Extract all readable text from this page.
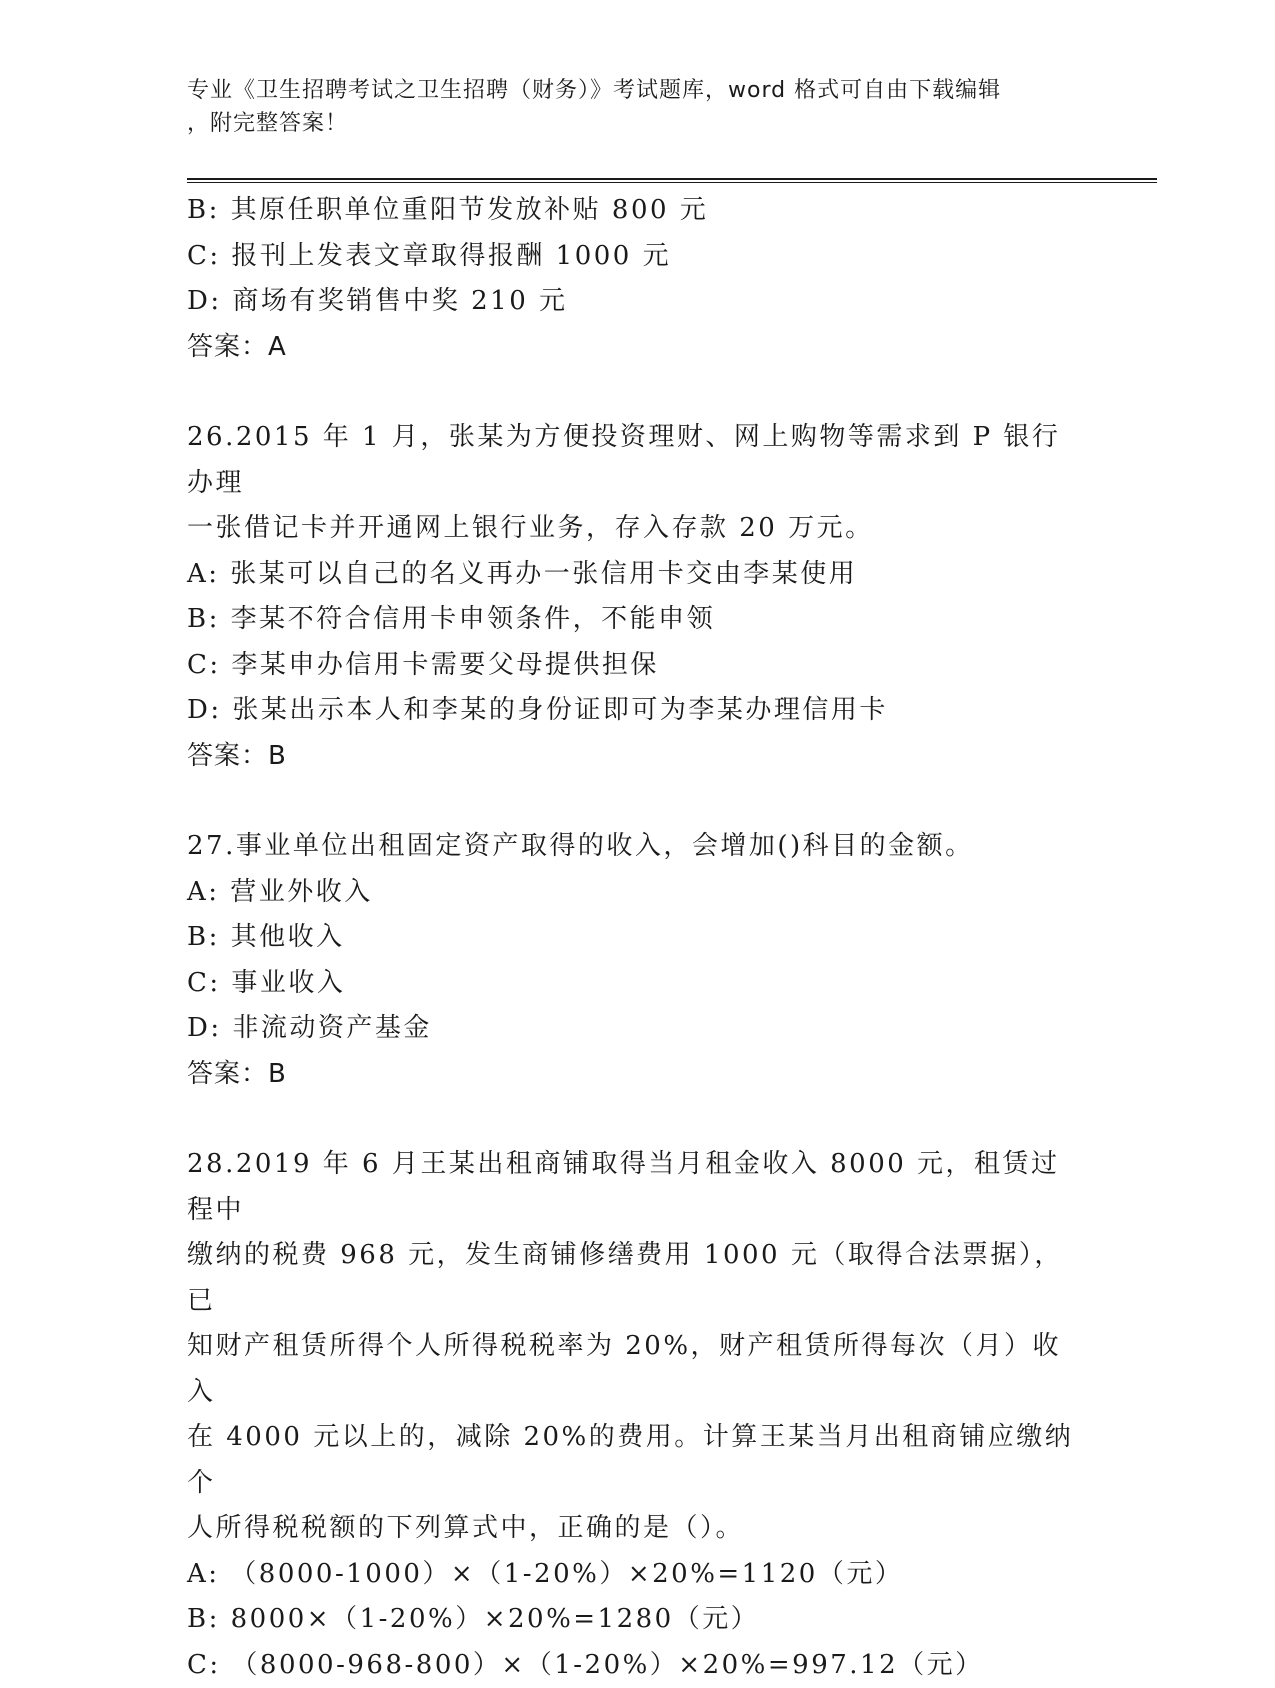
专业《卫生招聘考试之卫生招聘（财务）》考试题库，word 格式可自由下载编辑
，附完整答案！
B: 其原任职单位重阳节发放补贴 800 元
C: 报刊上发表文章取得报酬 1000 元
D: 商场有奖销售中奖 210 元
答案：A
26.2015 年 1 月，张某为方便投资理财、网上购物等需求到 P 银行办理
一张借记卡并开通网上银行业务，存入存款 20 万元。
A: 张某可以自己的名义再办一张信用卡交由李某使用
B: 李某不符合信用卡申领条件，不能申领
C: 李某申办信用卡需要父母提供担保
D: 张某出示本人和李某的身份证即可为李某办理信用卡
答案：B
27.事业单位出租固定资产取得的收入，会增加()科目的金额。
A: 营业外收入
B: 其他收入
C: 事业收入
D: 非流动资产基金
答案：B
28.2019 年 6 月王某出租商铺取得当月租金收入 8000 元，租赁过程中
缴纳的税费 968 元，发生商铺修缮费用 1000 元（取得合法票据），已
知财产租赁所得个人所得税税率为 20%，财产租赁所得每次（月）收入
在 4000 元以上的，减除 20%的费用。计算王某当月出租商铺应缴纳个
人所得税税额的下列算式中，正确的是（）。
A: （8000-1000）×（1-20%）×20%=1120（元）
B: 8000×（1-20%）×20%=1280（元）
C: （8000-968-800）×（1-20%）×20%=997.12（元）
